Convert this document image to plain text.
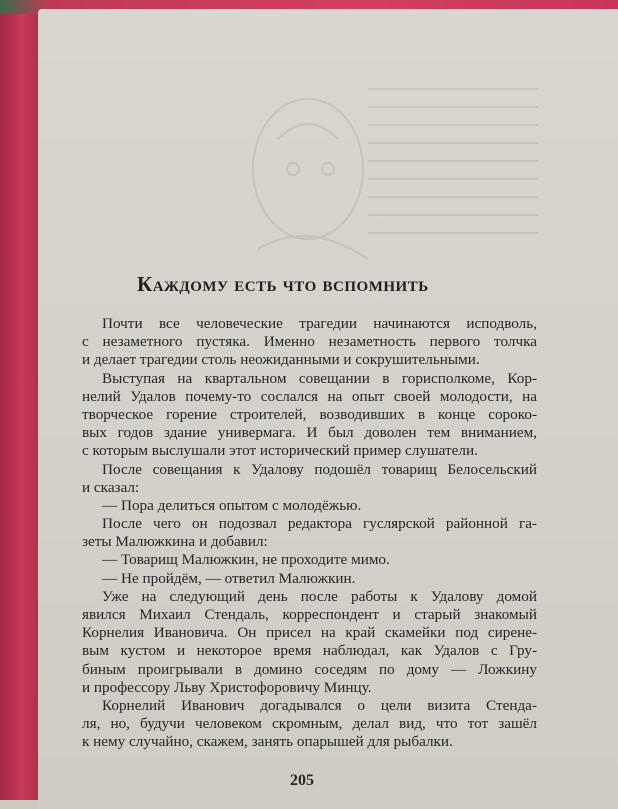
Каждому есть что вспомнить
Почти все человеческие трагедии начинаются исподволь,
с незаметного пустяка. Именно незаметность первого толчка
и делает трагедии столь неожиданными и сокрушительными.
Выступая на квартальном совещании в горисполкоме, Кор-
нелий Удалов почему-то сослался на опыт своей молодости, на
творческое горение строителей, возводивших в конце сороко-
вых годов здание универмага. И был доволен тем вниманием,
с которым выслушали этот исторический пример слушатели.
После совещания к Удалову подошёл товарищ Белосельский
и сказал:
— Пора делиться опытом с молодёжью.
После чего он подозвал редактора гуслярской районной га-
зеты Малюжкина и добавил:
— Товарищ Малюжкин, не проходите мимо.
— Не пройдём, — ответил Малюжкин.
Уже на следующий день после работы к Удалову домой
явился Михаил Стендаль, корреспондент и старый знакомый
Корнелия Ивановича. Он присел на край скамейки под сирене-
вым кустом и некоторое время наблюдал, как Удалов с Гру-
биным проигрывали в домино соседям по дому — Ложкину
и профессору Льву Христофоровичу Минцу.
Корнелий Иванович догадывался о цели визита Стенда-
ля, но, будучи человеком скромным, делал вид, что тот зашёл
к нему случайно, скажем, занять опарышей для рыбалки.
205
